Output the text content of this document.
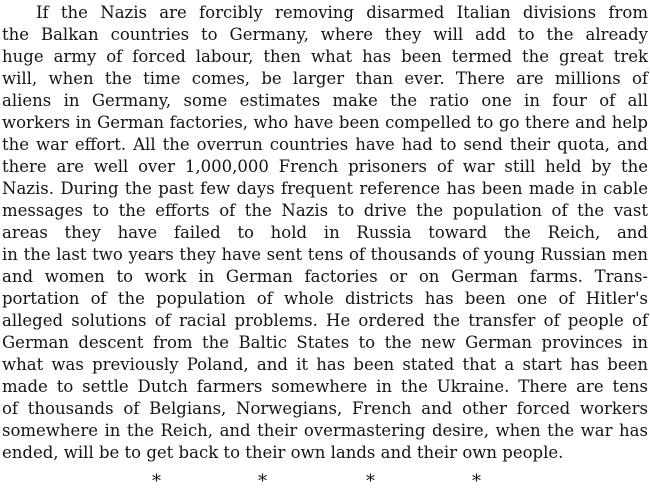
If the Nazis are forcibly removing disarmed Italian divisions from
the Balkan countries to Germany, where they will add to the already
huge army of forced labour, then what has been termed the great trek
will, when the time comes, be larger than ever. There are millions of
aliens in Germany, some estimates make the ratio one in four of all
workers in German factories, who have been compelled to go there and help
the war effort. All the overrun countries have had to send their quota, and
there are well over 1,000,000 French prisoners of war still held by the
Nazis. During the past few days frequent reference has been made in cable
messages to the efforts of the Nazis to drive the population of the vast
areas they have failed to hold in Russia toward the Reich, and
in the last two years they have sent tens of thousands of young Russian men
and women to work in German factories or on German farms. Trans-
portation of the population of whole districts has been one of Hitler's
alleged solutions of racial problems. He ordered the transfer of people of
German descent from the Baltic States to the new German provinces in
what was previously Poland, and it has been stated that a start has been
made to settle Dutch farmers somewhere in the Ukraine. There are tens
of thousands of Belgians, Norwegians, French and other forced workers
somewhere in the Reich, and their overmastering desire, when the war has
ended, will be to get back to their own lands and their own people.
*	*	*	*
